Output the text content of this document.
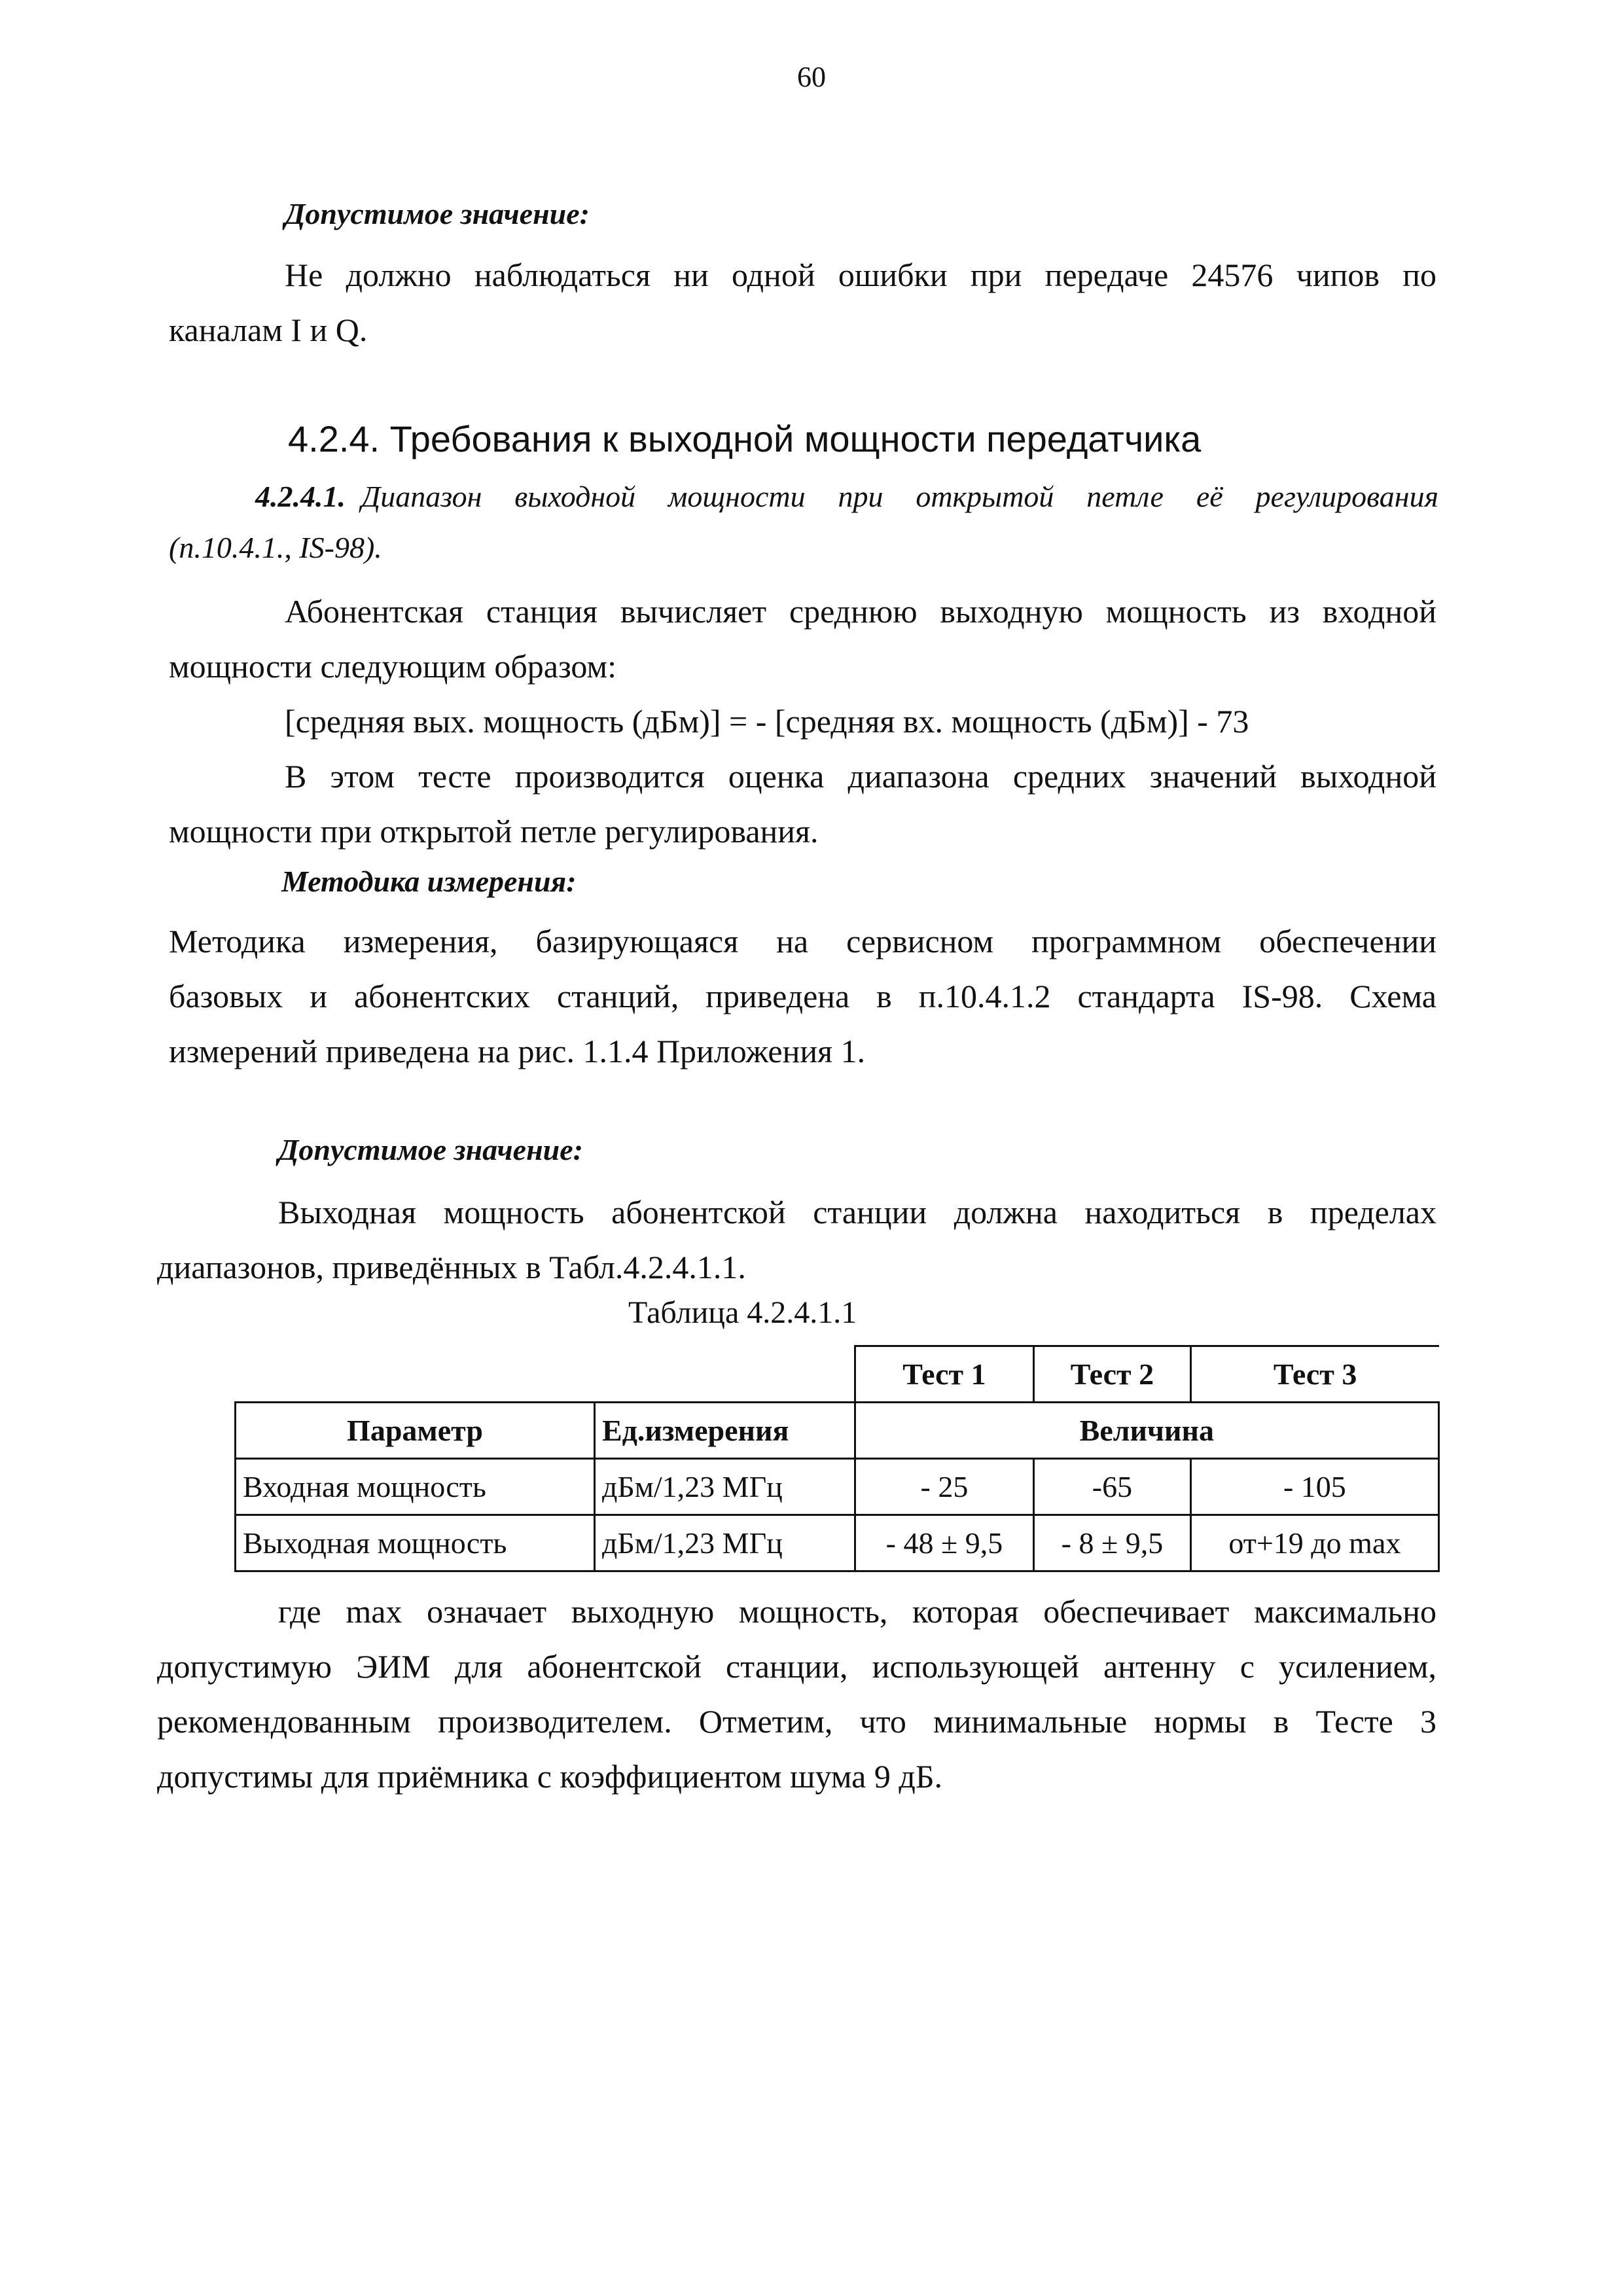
60
Допустимое значение:
Не должно наблюдаться ни одной ошибки при передаче 24576 чипов по
каналам I и Q.
4.2.4. Требования к выходной мощности передатчика
4.2.4.1. Диапазон выходной мощности при открытой петле её регулирования
(п.10.4.1., IS-98).
Абонентская станция вычисляет среднюю выходную мощность из входной
мощности следующим образом:
[средняя вых. мощность (дБм)] = - [средняя вх. мощность (дБм)] - 73
В этом тесте производится оценка диапазона средних значений выходной
мощности при открытой петле регулирования.
Методика измерения:
Методика измерения, базирующаяся на сервисном программном обеспечении
базовых и абонентских станций, приведена в п.10.4.1.2 стандарта IS-98. Схема
измерений приведена на рис. 1.1.4 Приложения 1.
Допустимое значение:
Выходная мощность абонентской станции должна находиться в пределах
диапазонов, приведённых в Табл.4.2.4.1.1.
Таблица 4.2.4.1.1
		Тест 1	Тест 2	Тест 3
Параметр	Ед.измерения	Величина		
Входная мощность	дБм/1,23 МГц	- 25	-65	- 105
Выходная мощность	дБм/1,23 МГц	- 48 ± 9,5	- 8 ± 9,5	от+19 до max
где max означает выходную мощность, которая обеспечивает максимально
допустимую ЭИМ для абонентской станции, использующей антенну с усилением,
рекомендованным производителем. Отметим, что минимальные нормы в Тесте 3
допустимы для приёмника с коэффициентом шума 9 дБ.
